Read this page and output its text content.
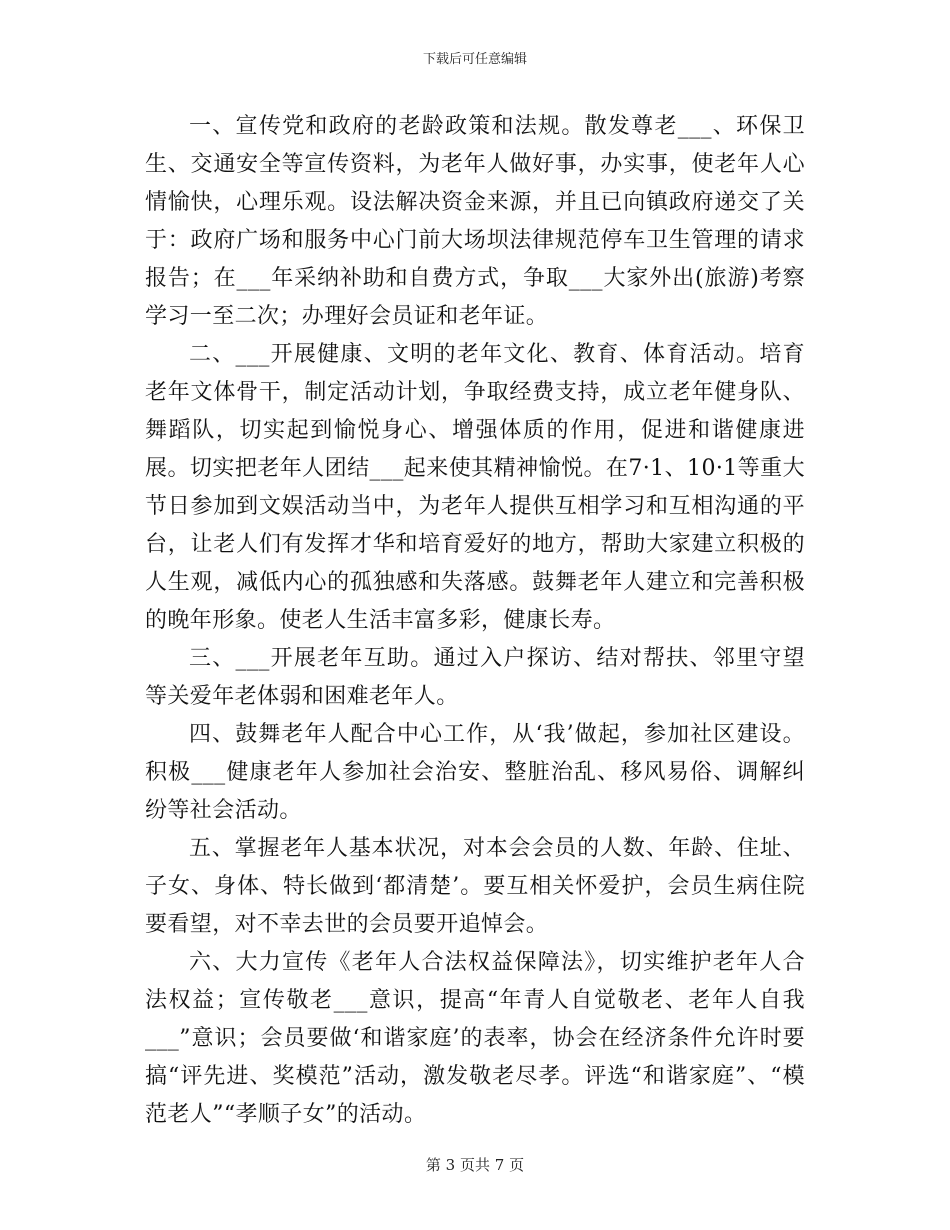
下载后可任意编辑

一、宣传党和政府的老龄政策和法规。散发尊老___、环保卫生、交通安全等宣传资料，为老年人做好事，办实事，使老年人心情愉快，心理乐观。设法解决资金来源，并且已向镇政府递交了关于：政府广场和服务中心门前大场坝法律规范停车卫生管理的请求报告；在___年采纳补助和自费方式，争取___大家外出(旅游)考察学习一至二次；办理好会员证和老年证。

二、___开展健康、文明的老年文化、教育、体育活动。培育老年文体骨干，制定活动计划，争取经费支持，成立老年健身队、舞蹈队，切实起到愉悦身心、增强体质的作用，促进和谐健康进展。切实把老年人团结___起来使其精神愉悦。在7·1、10·1等重大节日参加到文娱活动当中，为老年人提供互相学习和互相沟通的平台，让老人们有发挥才华和培育爱好的地方，帮助大家建立积极的人生观，减低内心的孤独感和失落感。鼓舞老年人建立和完善积极的晚年形象。使老人生活丰富多彩，健康长寿。

三、___开展老年互助。通过入户探访、结对帮扶、邻里守望等关爱年老体弱和困难老年人。

四、鼓舞老年人配合中心工作，从‘我’做起，参加社区建设。积极___健康老年人参加社会治安、整脏治乱、移风易俗、调解纠纷等社会活动。

五、掌握老年人基本状况，对本会会员的人数、年龄、住址、子女、身体、特长做到‘都清楚’。要互相关怀爱护，会员生病住院要看望，对不幸去世的会员要开追悼会。

六、大力宣传《老年人合法权益保障法》，切实维护老年人合法权益；宣传敬老___意识，提高“年青人自觉敬老、老年人自我___”意识；会员要做‘和谐家庭’的表率，协会在经济条件允许时要搞“评先进、奖模范”活动，激发敬老尽孝。评选“和谐家庭”、“模范老人”“孝顺子女”的活动。

第 3 页共 7 页
